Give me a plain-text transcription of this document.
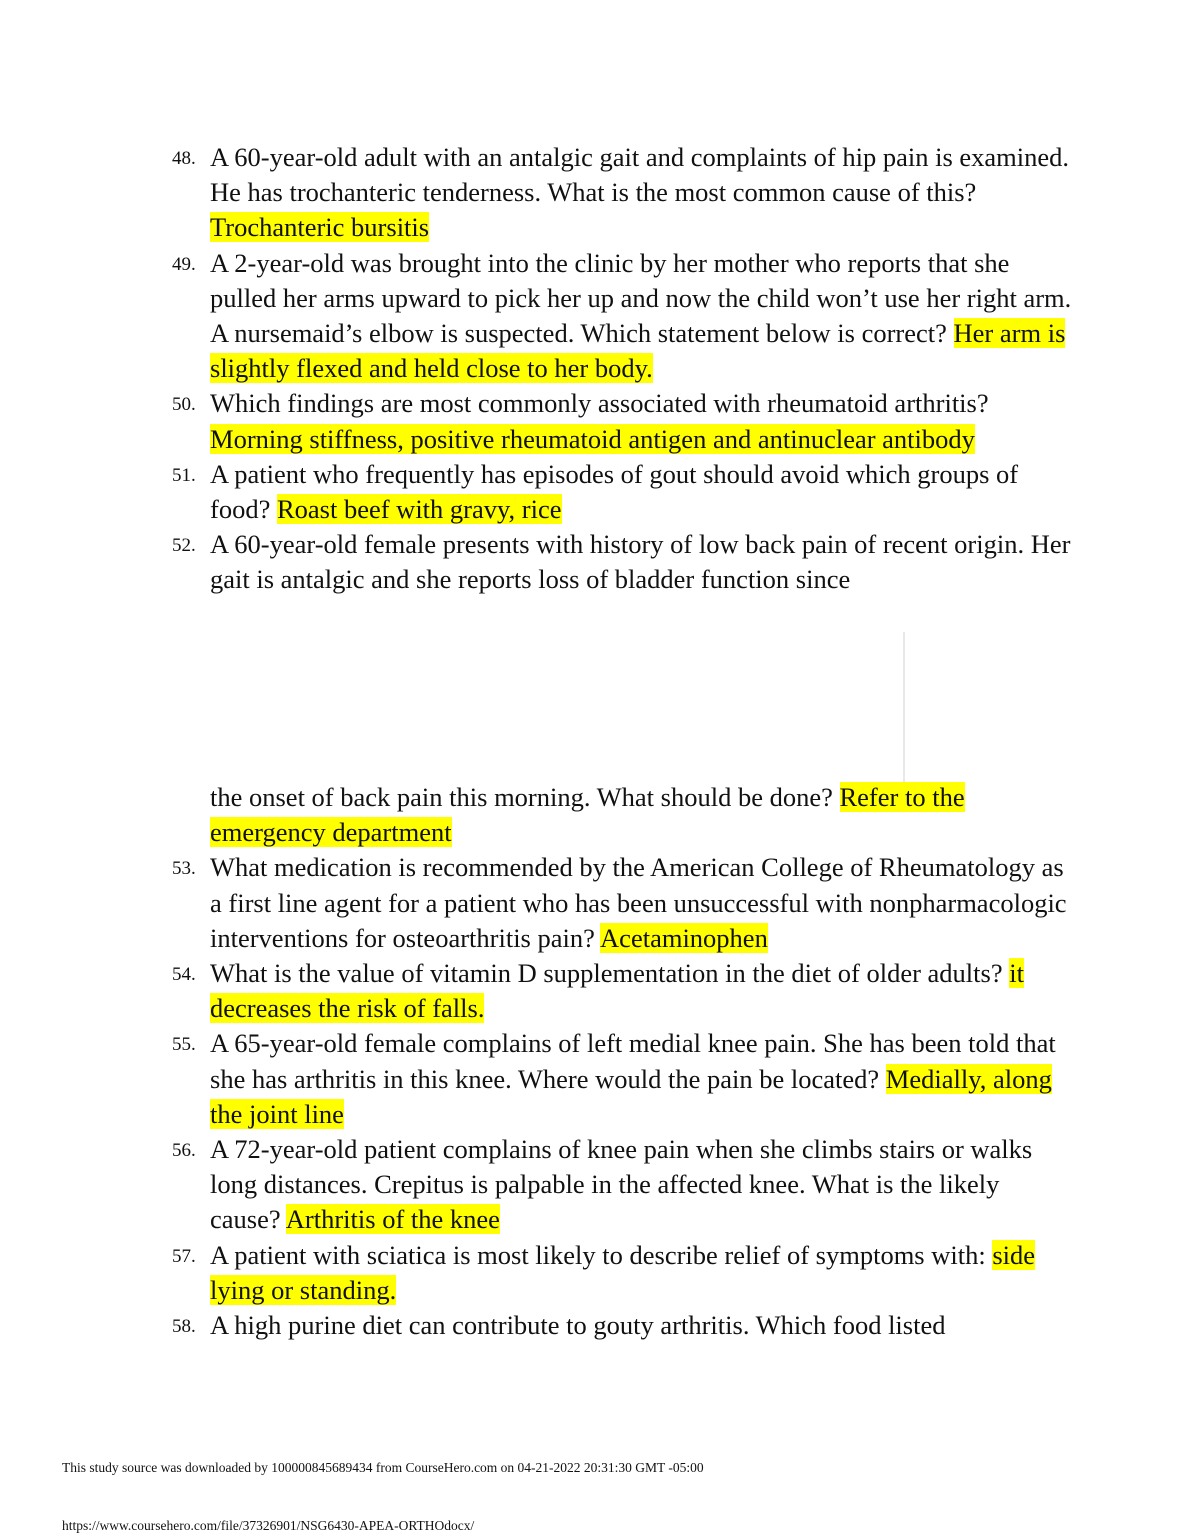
48. A 60-year-old adult with an antalgic gait and complaints of hip pain is examined. He has trochanteric tenderness. What is the most common cause of this? Trochanteric bursitis
49. A 2-year-old was brought into the clinic by her mother who reports that she pulled her arms upward to pick her up and now the child won’t use her right arm. A nursemaid’s elbow is suspected. Which statement below is correct? Her arm is slightly flexed and held close to her body.
50. Which findings are most commonly associated with rheumatoid arthritis? Morning stiffness, positive rheumatoid antigen and antinuclear antibody
51. A patient who frequently has episodes of gout should avoid which groups of food? Roast beef with gravy, rice
52. A 60-year-old female presents with history of low back pain of recent origin. Her gait is antalgic and she reports loss of bladder function since
the onset of back pain this morning. What should be done? Refer to the emergency department
53. What medication is recommended by the American College of Rheumatology as a first line agent for a patient who has been unsuccessful with nonpharmacologic interventions for osteoarthritis pain? Acetaminophen
54. What is the value of vitamin D supplementation in the diet of older adults? it decreases the risk of falls.
55. A 65-year-old female complains of left medial knee pain. She has been told that she has arthritis in this knee. Where would the pain be located? Medially, along the joint line
56. A 72-year-old patient complains of knee pain when she climbs stairs or walks long distances. Crepitus is palpable in the affected knee. What is the likely cause? Arthritis of the knee
57. A patient with sciatica is most likely to describe relief of symptoms with: side lying or standing.
58. A high purine diet can contribute to gouty arthritis. Which food listed
This study source was downloaded by 100000845689434 from CourseHero.com on 04-21-2022 20:31:30 GMT -05:00
https://www.coursehero.com/file/37326901/NSG6430-APEA-ORTHOdocx/
